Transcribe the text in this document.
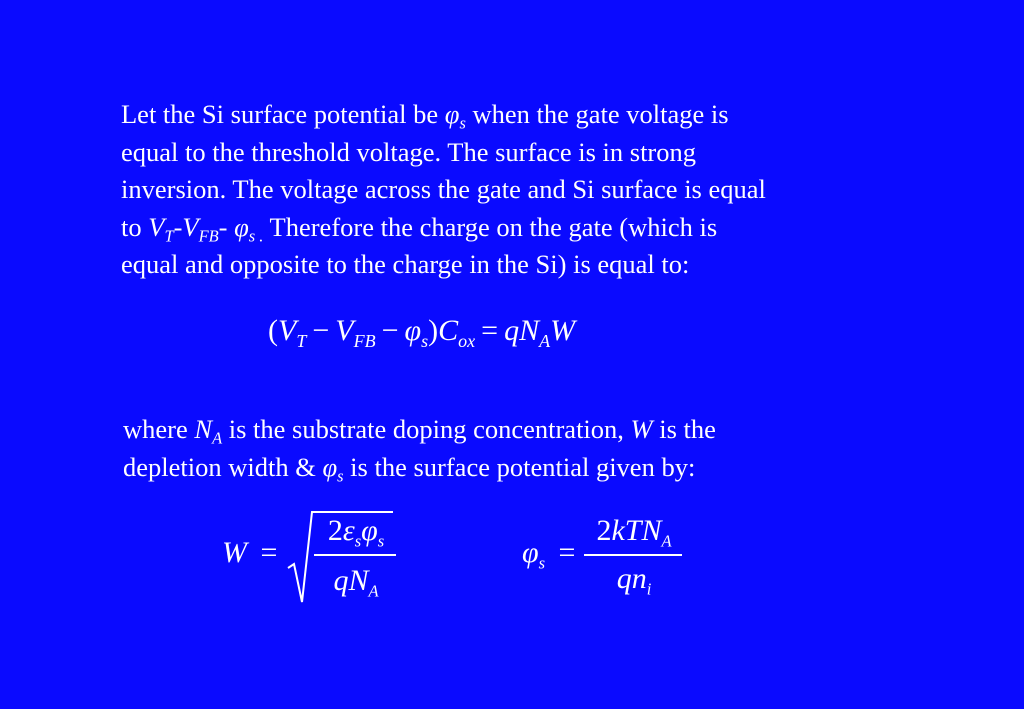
Let the Si surface potential be $\varphi_s$ when the gate voltage is
equal to the threshold voltage. The surface is in strong
inversion. The voltage across the gate and Si surface is equal
to $V_T-V_{FB}-$ $\varphi_{s .}$ Therefore the charge on the gate (which is
equal and opposite to the charge in the Si) is equal to:
$(V_T - V_{FB} - \varphi_s)C_{ox} = qN_AW$
where $N_A$ is the substrate doping concentration, W is the
depletion width & $\varphi_s$ is the surface potential given by:
W =
$2\varepsilon_s\varphi_s$
$qN_A$
$\varphi_s$ =
2kTN$_A$
$qn_i$
